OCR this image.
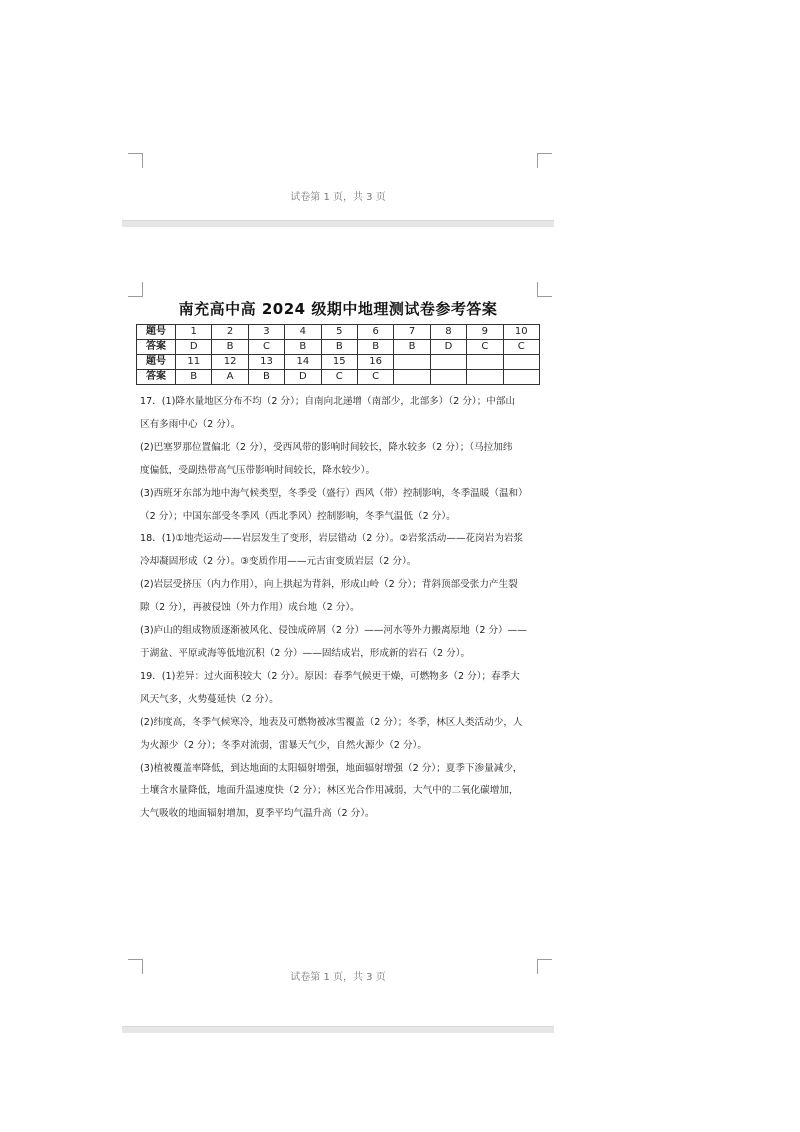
试卷第 1 页，共 3 页
南充高中高 2024 级期中地理测试卷参考答案
题号	1	2	3	4	5	6	7	8	9	10
答案	D	B	C	B	B	B	B	D	C	C
题号	11	12	13	14	15	16				
答案	B	A	B	D	C	C				
17．(1)降水量地区分布不均（2 分）；自南向北递增（南部少，北部多）（2 分）；中部山
区有多雨中心（2 分）。
(2)巴塞罗那位置偏北（2 分），受西风带的影响时间较长，降水较多（2 分）；（马拉加纬
度偏低，受副热带高气压带影响时间较长，降水较少）。
(3)西班牙东部为地中海气候类型，冬季受（盛行）西风（带）控制影响，冬季温暖（温和）
（2 分）；中国东部受冬季风（西北季风）控制影响，冬季气温低（2 分）。
18．(1)①地壳运动——岩层发生了变形，岩层错动（2 分）。②岩浆活动——花岗岩为岩浆
冷却凝固形成（2 分）。③变质作用——元古宙变质岩层（2 分）。
(2)岩层受挤压（内力作用），向上拱起为背斜，形成山岭（2 分）；背斜顶部受张力产生裂
隙（2 分），再被侵蚀（外力作用）成台地（2 分）。
(3)庐山的组成物质逐渐被风化、侵蚀成碎屑（2 分）——河水等外力搬离原地（2 分）——
于湖盆、平原或海等低地沉积（2 分）——固结成岩，形成新的岩石（2 分）。
19．(1)差异：过火面积较大（2 分）。原因：春季气候更干燥，可燃物多（2 分）；春季大
风天气多，火势蔓延快（2 分）。
(2)纬度高，冬季气候寒冷，地表及可燃物被冰雪覆盖（2 分）；冬季，林区人类活动少，人
为火源少（2 分）；冬季对流弱，雷暴天气少，自然火源少（2 分）。
(3)植被覆盖率降低，到达地面的太阳辐射增强，地面辐射增强（2 分）；夏季下渗量减少，
土壤含水量降低，地面升温速度快（2 分）；林区光合作用减弱，大气中的二氧化碳增加，
大气吸收的地面辐射增加，夏季平均气温升高（2 分）。
试卷第 1 页，共 3 页
